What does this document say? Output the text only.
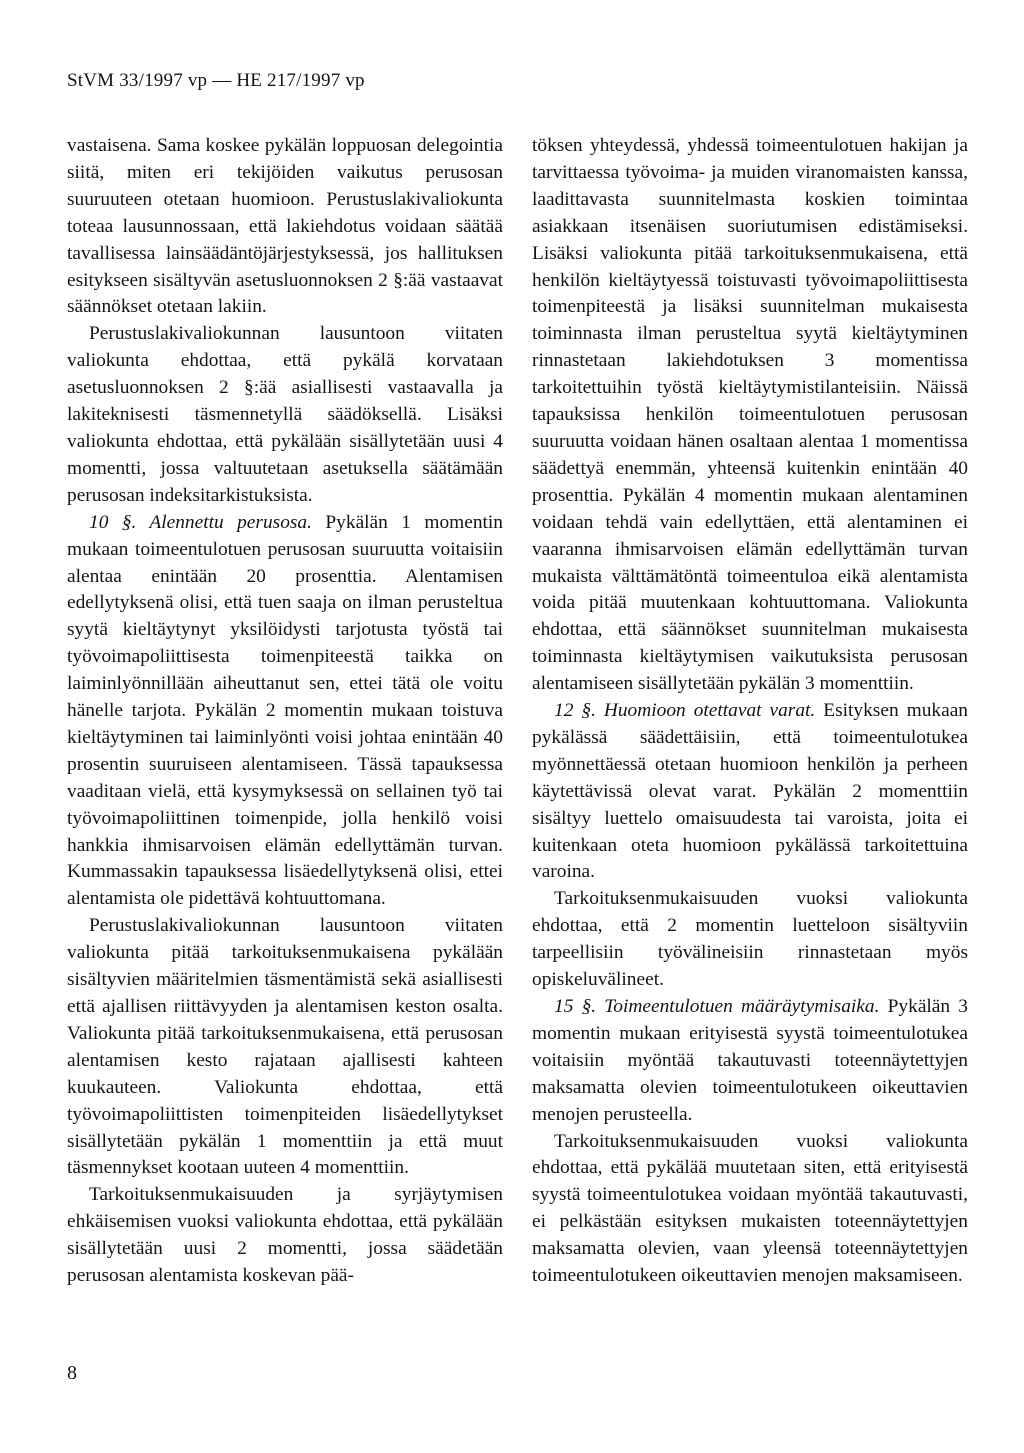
StVM 33/1997 vp — HE 217/1997 vp

vastaisena. Sama koskee pykälän loppuosan delegointia siitä, miten eri tekijöiden vaikutus perusosan suuruuteen otetaan huomioon. Perustuslakivaliokunta toteaa lausunnossaan, että lakiehdotus voidaan säätää tavallisessa lainsäädäntöjärjestyksessä, jos hallituksen esitykseen sisältyvän asetusluonnoksen 2 §:ää vastaavat säännökset otetaan lakiin.

Perustuslakivaliokunnan lausuntoon viitaten valiokunta ehdottaa, että pykälä korvataan asetusluonnoksen 2 §:ää asiallisesti vastaavalla ja lakiteknisesti täsmennetyllä säädöksellä. Lisäksi valiokunta ehdottaa, että pykälään sisällytetään uusi 4 momentti, jossa valtuutetaan asetuksella säätämään perusosan indeksitarkistuksista.

10 §. Alennettu perusosa. Pykälän 1 momentin mukaan toimeentulotuen perusosan suuruutta voitaisiin alentaa enintään 20 prosenttia. Alentamisen edellytyksenä olisi, että tuen saaja on ilman perusteltua syytä kieltäytynyt yksilöidysti tarjotusta työstä tai työvoimapoliittisesta toimenpiteestä taikka on laiminlyönnillään aiheuttanut sen, ettei tätä ole voitu hänelle tarjota. Pykälän 2 momentin mukaan toistuva kieltäytyminen tai laiminlyönti voisi johtaa enintään 40 prosentin suuruiseen alentamiseen. Tässä tapauksessa vaaditaan vielä, että kysymyksessä on sellainen työ tai työvoimapoliittinen toimenpide, jolla henkilö voisi hankkia ihmisarvoisen elämän edellyttämän turvan. Kummassakin tapauksessa lisäedellytyksenä olisi, ettei alentamista ole pidettävä kohtuuttomana.

Perustuslakivaliokunnan lausuntoon viitaten valiokunta pitää tarkoituksenmukaisena pykälään sisältyvien määritelmien täsmentämistä sekä asiallisesti että ajallisen riittävyyden ja alentamisen keston osalta. Valiokunta pitää tarkoituksenmukaisena, että perusosan alentamisen kesto rajataan ajallisesti kahteen kuukauteen. Valiokunta ehdottaa, että työvoimapoliittisten toimenpiteiden lisäedellytykset sisällytetään pykälän 1 momenttiin ja että muut täsmennykset kootaan uuteen 4 momenttiin.

Tarkoituksenmukaisuuden ja syrjäytymisen ehkäisemisen vuoksi valiokunta ehdottaa, että pykälään sisällytetään uusi 2 momentti, jossa säädetään perusosan alentamista koskevan pää-

töksen yhteydessä, yhdessä toimeentulotuen hakijan ja tarvittaessa työvoima- ja muiden viranomaisten kanssa, laadittavasta suunnitelmasta koskien toimintaa asiakkaan itsenäisen suoriutumisen edistämiseksi. Lisäksi valiokunta pitää tarkoituksenmukaisena, että henkilön kieltäytyessä toistuvasti työvoimapoliittisesta toimenpiteestä ja lisäksi suunnitelman mukaisesta toiminnasta ilman perusteltua syytä kieltäytyminen rinnastetaan lakiehdotuksen 3 momentissa tarkoitettuihin työstä kieltäytymistilanteisiin. Näissä tapauksissa henkilön toimeentulotuen perusosan suuruutta voidaan hänen osaltaan alentaa 1 momentissa säädettyä enemmän, yhteensä kuitenkin enintään 40 prosenttia. Pykälän 4 momentin mukaan alentaminen voidaan tehdä vain edellyttäen, että alentaminen ei vaaranna ihmisarvoisen elämän edellyttämän turvan mukaista välttämätöntä toimeentuloa eikä alentamista voida pitää muutenkaan kohtuuttomana. Valiokunta ehdottaa, että säännökset suunnitelman mukaisesta toiminnasta kieltäytymisen vaikutuksista perusosan alentamiseen sisällytetään pykälän 3 momenttiin.

12 §. Huomioon otettavat varat. Esityksen mukaan pykälässä säädettäisiin, että toimeentulotukea myönnettäessä otetaan huomioon henkilön ja perheen käytettävissä olevat varat. Pykälän 2 momenttiin sisältyy luettelo omaisuudesta tai varoista, joita ei kuitenkaan oteta huomioon pykälässä tarkoitettuina varoina.

Tarkoituksenmukaisuuden vuoksi valiokunta ehdottaa, että 2 momentin luetteloon sisältyviin tarpeellisiin työvälineisiin rinnastetaan myös opiskeluvälineet.

15 §. Toimeentulotuen määräytymisaika. Pykälän 3 momentin mukaan erityisestä syystä toimeentulotukea voitaisiin myöntää takautuvasti toteennäytettyjen maksamatta olevien toimeentulotukeen oikeuttavien menojen perusteella.

Tarkoituksenmukaisuuden vuoksi valiokunta ehdottaa, että pykälää muutetaan siten, että erityisestä syystä toimeentulotukea voidaan myöntää takautuvasti, ei pelkästään esityksen mukaisten toteennäytettyjen maksamatta olevien, vaan yleensä toteennäytettyjen toimeentulotukeen oikeuttavien menojen maksamiseen.

8
